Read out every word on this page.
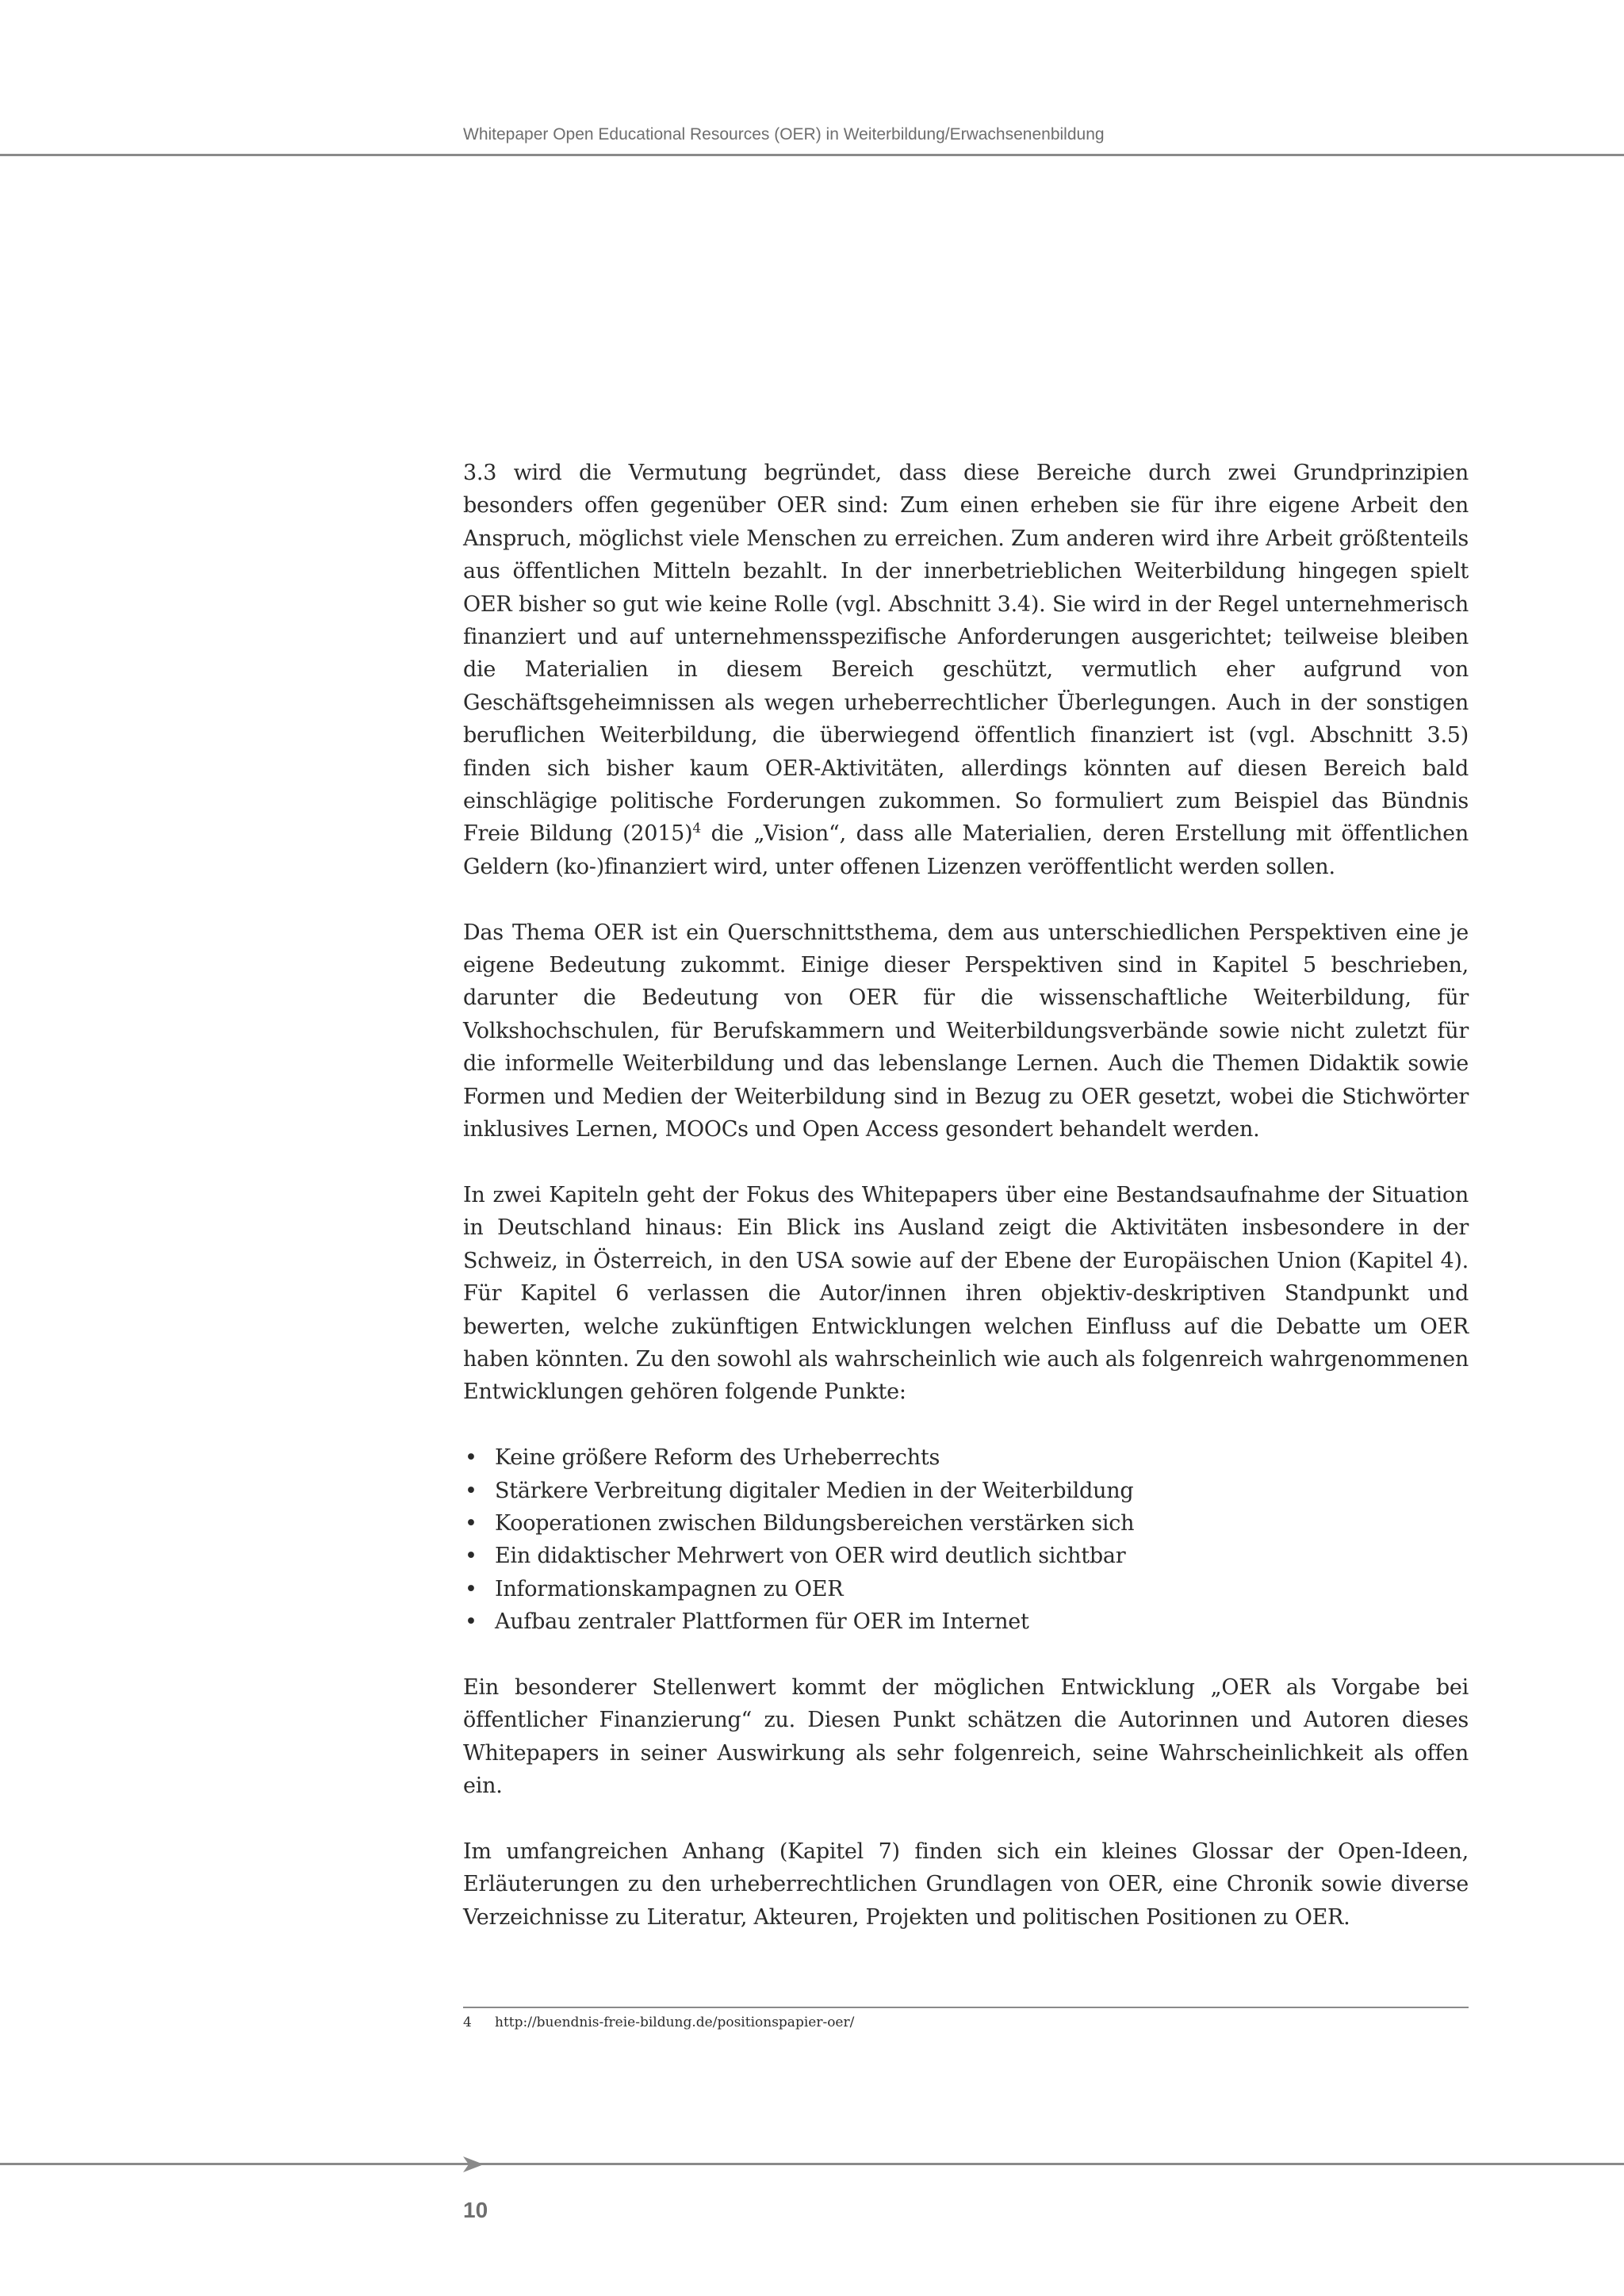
Whitepaper Open Educational Resources (OER) in Weiterbildung/Erwachsenenbildung

3.3 wird die Vermutung begründet, dass diese Bereiche durch zwei Grundprinzipien besonders offen gegenüber OER sind: Zum einen erheben sie für ihre eigene Arbeit den Anspruch, möglichst viele Menschen zu erreichen. Zum anderen wird ihre Arbeit größtenteils aus öffentlichen Mitteln bezahlt. In der innerbetrieblichen Weiterbildung hingegen spielt OER bisher so gut wie keine Rolle (vgl. Abschnitt 3.4). Sie wird in der Regel unternehmerisch finanziert und auf unternehmensspezifische Anforderungen ausgerichtet; teilweise bleiben die Materialien in diesem Bereich geschützt, vermutlich eher aufgrund von Geschäftsgeheimnissen als wegen urheberrechtlicher Überlegungen. Auch in der sonstigen beruflichen Weiterbildung, die überwiegend öffentlich finanziert ist (vgl. Abschnitt 3.5) finden sich bisher kaum OER-Aktivitäten, allerdings könnten auf diesen Bereich bald einschlägige politische Forderungen zukommen. So formuliert zum Beispiel das Bündnis Freie Bildung $(2015)^4$ die „Vision“, dass alle Materialien, deren Erstellung mit öffentlichen Geldern (ko-)finanziert wird, unter offenen Lizenzen veröffentlicht werden sollen.

Das Thema OER ist ein Querschnittsthema, dem aus unterschiedlichen Perspektiven eine je eigene Bedeutung zukommt. Einige dieser Perspektiven sind in Kapitel 5 beschrieben, darunter die Bedeutung von OER für die wissenschaftliche Weiterbildung, für Volkshochschulen, für Berufskammern und Weiterbildungsverbände sowie nicht zuletzt für die informelle Weiterbildung und das lebenslange Lernen. Auch die Themen Didaktik sowie Formen und Medien der Weiterbildung sind in Bezug zu OER gesetzt, wobei die Stichwörter inklusives Lernen, MOOCs und Open Access gesondert behandelt werden.

In zwei Kapiteln geht der Fokus des Whitepapers über eine Bestandsaufnahme der Situation in Deutschland hinaus: Ein Blick ins Ausland zeigt die Aktivitäten insbesondere in der Schweiz, in Österreich, in den USA sowie auf der Ebene der Europäischen Union (Kapitel 4). Für Kapitel 6 verlassen die Autor/innen ihren objektiv-deskriptiven Standpunkt und bewerten, welche zukünftigen Entwicklungen welchen Einfluss auf die Debatte um OER haben könnten. Zu den sowohl als wahrscheinlich wie auch als folgenreich wahrgenommenen Entwicklungen gehören folgende Punkte:

• Keine größere Reform des Urheberrechts
• Stärkere Verbreitung digitaler Medien in der Weiterbildung
• Kooperationen zwischen Bildungsbereichen verstärken sich
• Ein didaktischer Mehrwert von OER wird deutlich sichtbar
• Informationskampagnen zu OER
• Aufbau zentraler Plattformen für OER im Internet

Ein besonderer Stellenwert kommt der möglichen Entwicklung „OER als Vorgabe bei öffentlicher Finanzierung“ zu. Diesen Punkt schätzen die Autorinnen und Autoren dieses Whitepapers in seiner Auswirkung als sehr folgenreich, seine Wahrscheinlichkeit als offen ein.

Im umfangreichen Anhang (Kapitel 7) finden sich ein kleines Glossar der Open-Ideen, Erläuterungen zu den urheberrechtlichen Grundlagen von OER, eine Chronik sowie diverse Verzeichnisse zu Literatur, Akteuren, Projekten und politischen Positionen zu OER.

4 http://buendnis-freie-bildung.de/positionspapier-oer/
10
